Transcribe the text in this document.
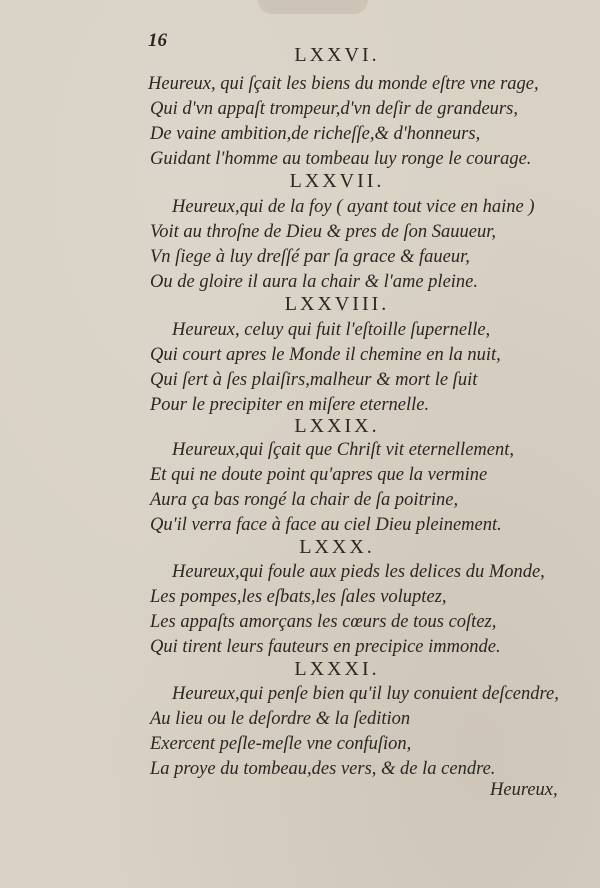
16
LXXVI.
Heureux, qui ſçait les biens du monde eſtre vne rage,
Qui d'vn appaſt trompeur,d'vn deſir de grandeurs,
De vaine ambition,de richeſſe,& d'honneurs,
Guidant l'homme au tombeau luy ronge le courage.
LXXVII.
Heureux,qui de la foy ( ayant tout vice en haine )
Voit au throſne de Dieu & pres de ſon Sauueur,
Vn ſiege à luy dreſſé par ſa grace & faueur,
Ou de gloire il aura la chair & l'ame pleine.
LXXVIII.
Heureux, celuy qui fuit l'eſtoille ſupernelle,
Qui court apres le Monde il chemine en la nuit,
Qui ſert à ſes plaiſirs,malheur & mort le ſuit
Pour le precipiter en miſere eternelle.
LXXIX.
Heureux,qui ſçait que Chriſt vit eternellement,
Et qui ne doute point qu'apres que la vermine
Aura ça bas rongé la chair de ſa poitrine,
Qu'il verra face à face au ciel Dieu pleinement.
LXXX.
Heureux,qui foule aux pieds les delices du Monde,
Les pompes,les eſbats,les ſales voluptez,
Les appaſts amorçans les cœurs de tous coſtez,
Qui tirent leurs fauteurs en precipice immonde.
LXXXI.
Heureux,qui penſe bien qu'il luy conuient deſcendre,
Au lieu ou le deſordre & la ſedition
Exercent peſle-meſle vne confuſion,
La proye du tombeau,des vers, & de la cendre.
Heureux,
